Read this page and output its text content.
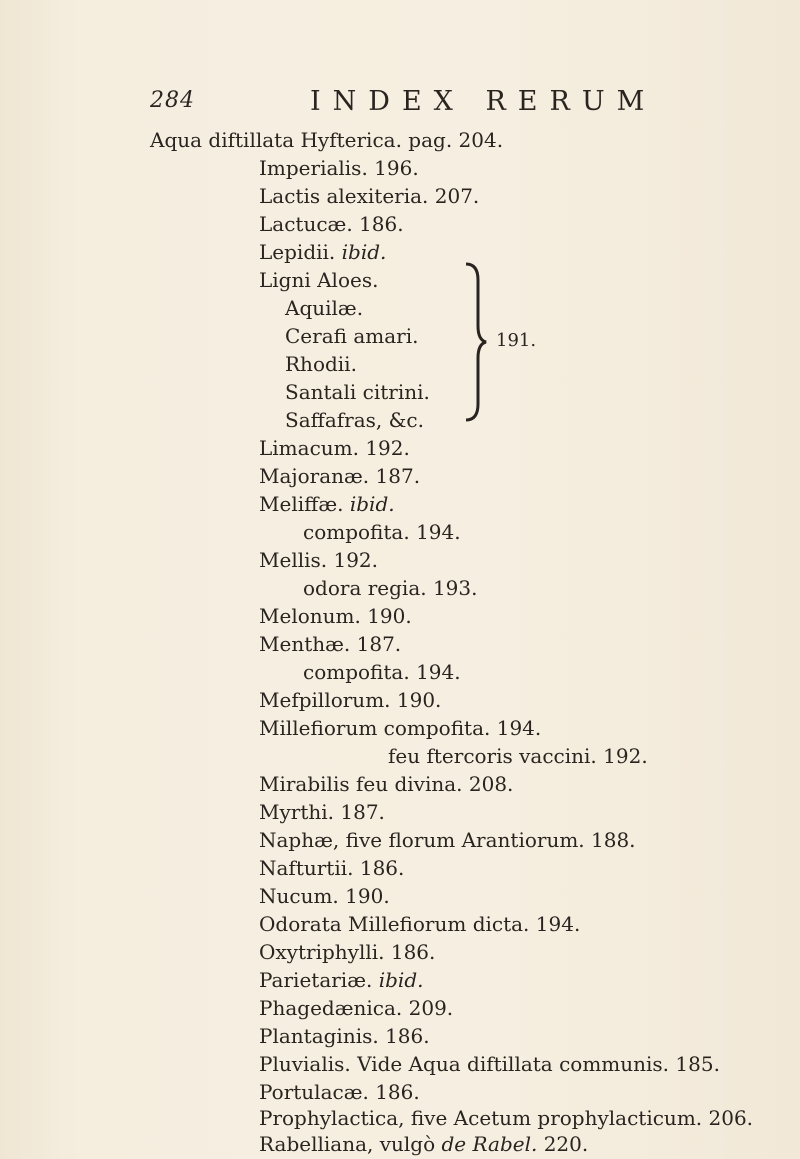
284	INDEX RERUM
Aqua diftillata Hyfterica. pag. 204.
Imperialis. 196.
Lactis alexiteria. 207.
Lactucæ. 186.
Lepidii. ibid.
Ligni Aloes.
Aquilæ.
Cerafi amari.
Rhodii.
Santali citrini.
Saffafras, &c.
Limacum. 192.
Majoranæ. 187.
Meliffæ. ibid.
compofita. 194.
Mellis. 192.
odora regia. 193.
Melonum. 190.
Menthæ. 187.
compofita. 194.
Mefpillorum. 190.
Millefiorum compofita. 194.
feu ftercoris vaccini. 192.
Mirabilis feu divina. 208.
Myrthi. 187.
Naphæ, five florum Arantiorum. 188.
Nafturtii. 186.
Nucum. 190.
Odorata Millefiorum dicta. 194.
Oxytriphylli. 186.
Parietariæ. ibid.
Phagedænica. 209.
Plantaginis. 186.
Pluvialis. Vide Aqua diftillata communis. 185.
Portulacæ. 186.
Prophylactica, five Acetum prophylacticum. 206.
Rabelliana, vulgò de Rabel. 220.
191.
